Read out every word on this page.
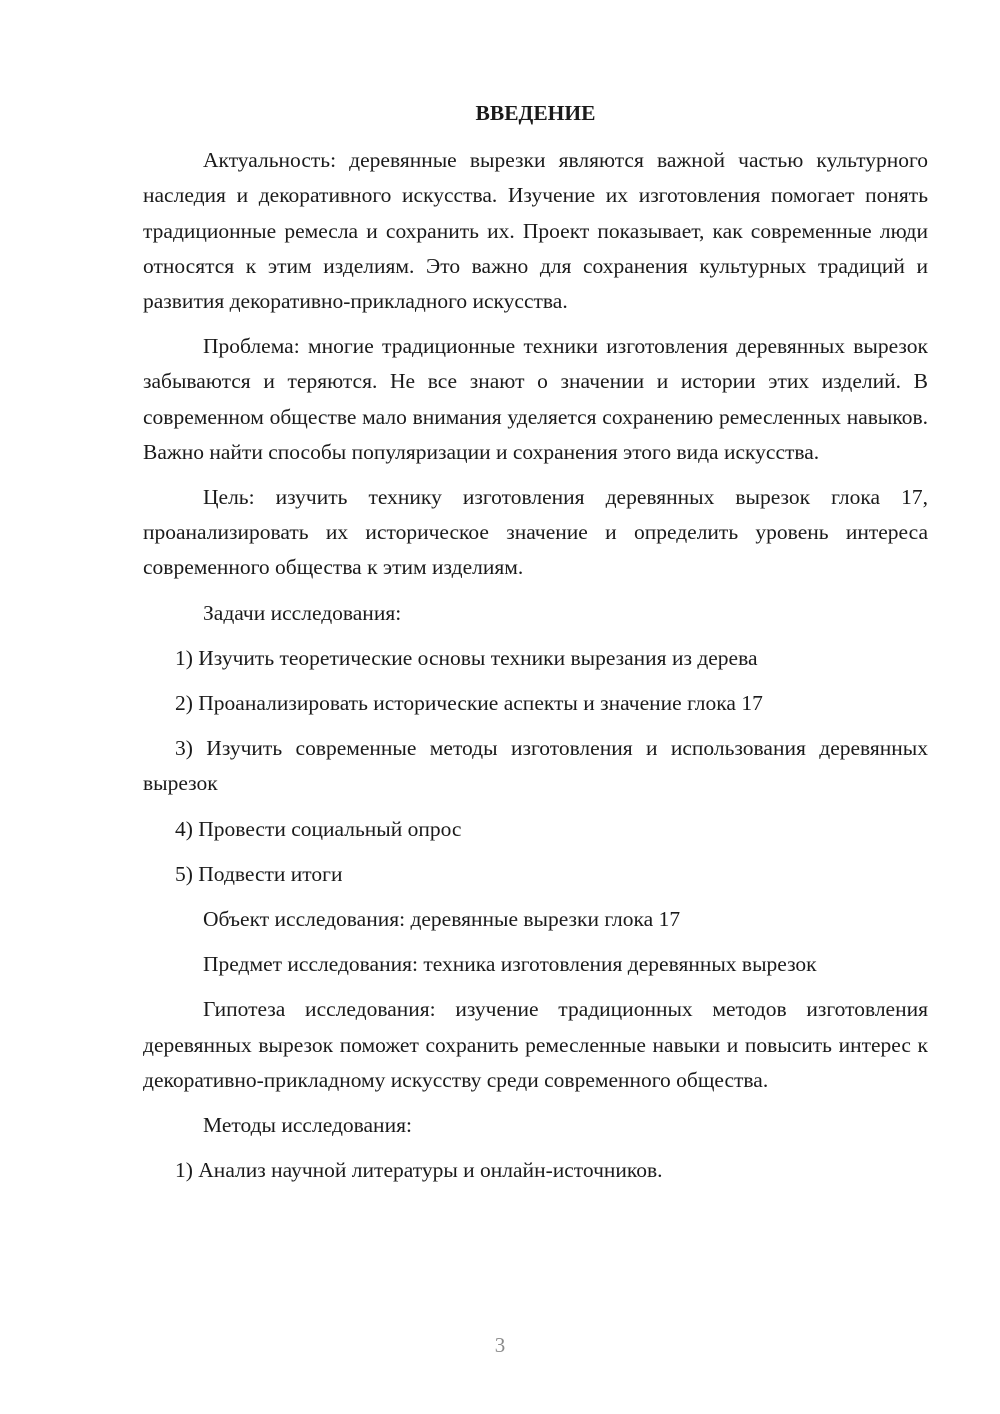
ВВЕДЕНИЕ

Актуальность: деревянные вырезки являются важной частью культурного наследия и декоративного искусства. Изучение их изготовления помогает понять традиционные ремесла и сохранить их. Проект показывает, как современные люди относятся к этим изделиям. Это важно для сохранения культурных традиций и развития декоративно-прикладного искусства.

Проблема: многие традиционные техники изготовления деревянных вырезок забываются и теряются. Не все знают о значении и истории этих изделий. В современном обществе мало внимания уделяется сохранению ремесленных навыков. Важно найти способы популяризации и сохранения этого вида искусства.

Цель: изучить технику изготовления деревянных вырезок глока 17, проанализировать их историческое значение и определить уровень интереса современного общества к этим изделиям.

Задачи исследования:

1) Изучить теоретические основы техники вырезания из дерева

2) Проанализировать исторические аспекты и значение глока 17

3) Изучить современные методы изготовления и использования деревянных вырезок

4) Провести социальный опрос

5) Подвести итоги

Объект исследования: деревянные вырезки глока 17

Предмет исследования: техника изготовления деревянных вырезок

Гипотеза исследования: изучение традиционных методов изготовления деревянных вырезок поможет сохранить ремесленные навыки и повысить интерес к декоративно-прикладному искусству среди современного общества.

Методы исследования:

1) Анализ научной литературы и онлайн-источников.

3
